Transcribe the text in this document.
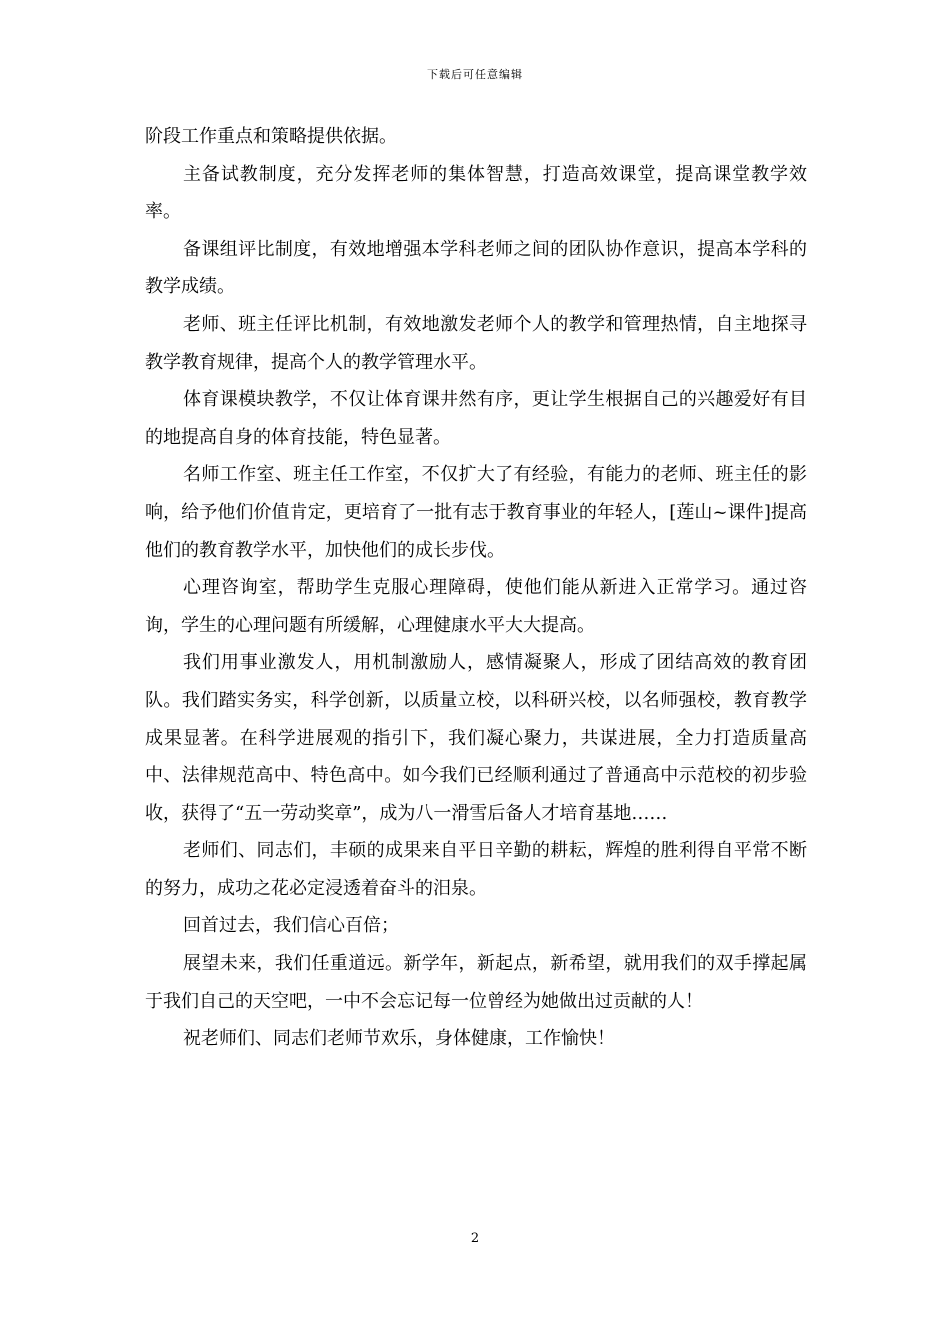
下载后可任意编辑

阶段工作重点和策略提供依据。

主备试教制度，充分发挥老师的集体智慧，打造高效课堂，提高课堂教学效率。

备课组评比制度，有效地增强本学科老师之间的团队协作意识，提高本学科的教学成绩。

老师、班主任评比机制，有效地激发老师个人的教学和管理热情，自主地探寻教学教育规律，提高个人的教学管理水平。

体育课模块教学，不仅让体育课井然有序，更让学生根据自己的兴趣爱好有目的地提高自身的体育技能，特色显著。

名师工作室、班主任工作室，不仅扩大了有经验，有能力的老师、班主任的影响，给予他们价值肯定，更培育了一批有志于教育事业的年轻人，[莲山~课件]提高他们的教育教学水平，加快他们的成长步伐。

心理咨询室，帮助学生克服心理障碍，使他们能从新进入正常学习。通过咨询，学生的心理问题有所缓解，心理健康水平大大提高。

我们用事业激发人，用机制激励人，感情凝聚人，形成了团结高效的教育团队。我们踏实务实，科学创新，以质量立校，以科研兴校，以名师强校，教育教学成果显著。在科学进展观的指引下，我们凝心聚力，共谋进展，全力打造质量高中、法律规范高中、特色高中。如今我们已经顺利通过了普通高中示范校的初步验收，获得了“五一劳动奖章”，成为八一滑雪后备人才培育基地……

老师们、同志们，丰硕的成果来自平日辛勤的耕耘，辉煌的胜利得自平常不断的努力，成功之花必定浸透着奋斗的汨泉。

回首过去，我们信心百倍；

展望未来，我们任重道远。新学年，新起点，新希望，就用我们的双手撑起属于我们自己的天空吧，一中不会忘记每一位曾经为她做出过贡献的人！

祝老师们、同志们老师节欢乐，身体健康，工作愉快！

2
